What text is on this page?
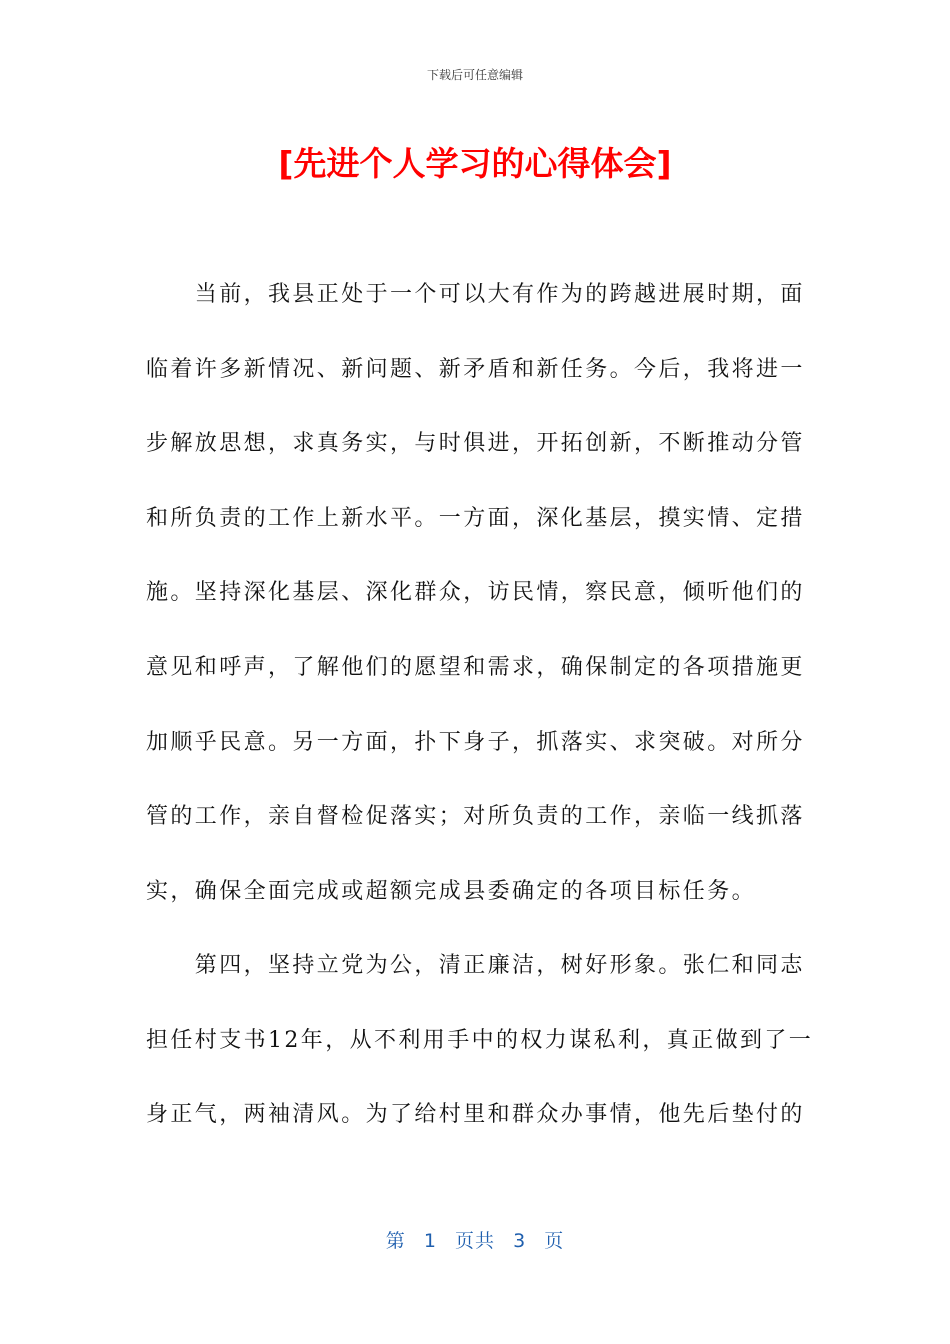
下载后可任意编辑
[先进个人学习的心得体会]
　　当前，我县正处于一个可以大有作为的跨越进展时期，面
临着许多新情况、新问题、新矛盾和新任务。今后，我将进一
步解放思想，求真务实，与时俱进，开拓创新，不断推动分管
和所负责的工作上新水平。一方面，深化基层，摸实情、定措
施。坚持深化基层、深化群众，访民情，察民意，倾听他们的
意见和呼声，了解他们的愿望和需求，确保制定的各项措施更
加顺乎民意。另一方面，扑下身子，抓落实、求突破。对所分
管的工作，亲自督检促落实；对所负责的工作，亲临一线抓落
实，确保全面完成或超额完成县委确定的各项目标任务。
　　第四，坚持立党为公，清正廉洁，树好形象。张仁和同志
担任村支书12年，从不利用手中的权力谋私利，真正做到了一
身正气，两袖清风。为了给村里和群众办事情，他先后垫付的
第  1  页共  3  页
